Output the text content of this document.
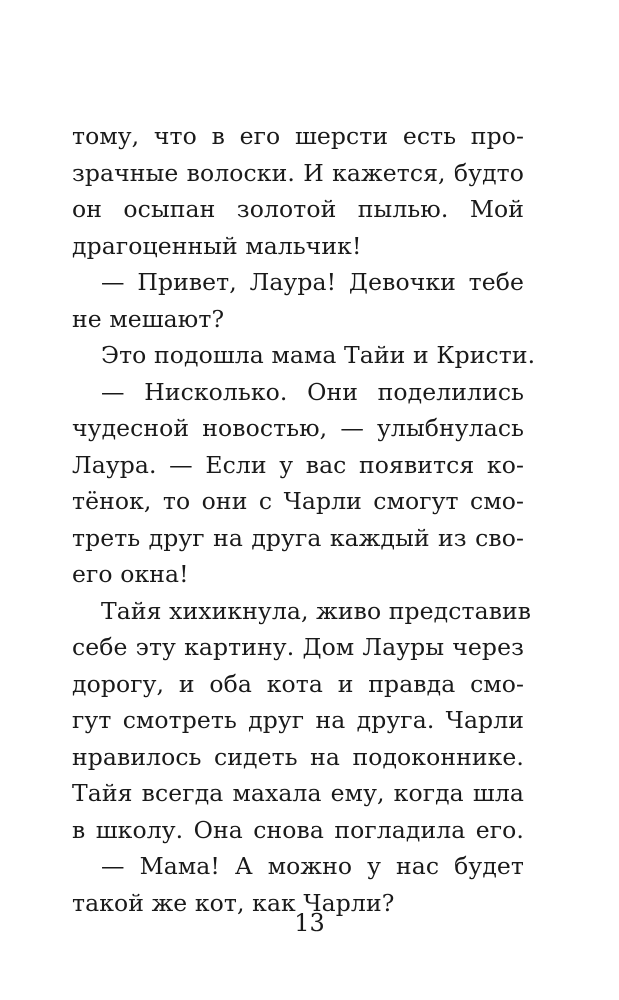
тому, что в его шерсти есть про-
зрачные волоски. И кажется, будто
он осыпан золотой пылью. Мой
драгоценный мальчик!
— Привет, Лаура! Девочки тебе
не мешают?
Это подошла мама Тайи и Кристи.
— Нисколько. Они поделились
чудесной новостью, — улыбнулась
Лаура. — Если у вас появится ко-
тёнок, то они с Чарли смогут смо-
треть друг на друга каждый из сво-
его окна!
Тайя хихикнула, живо представив
себе эту картину. Дом Лауры через
дорогу, и оба кота и правда смо-
гут смотреть друг на друга. Чарли
нравилось сидеть на подоконнике.
Тайя всегда махала ему, когда шла
в школу. Она снова погладила его.
— Мама! А можно у нас будет
такой же кот, как Чарли?
13
